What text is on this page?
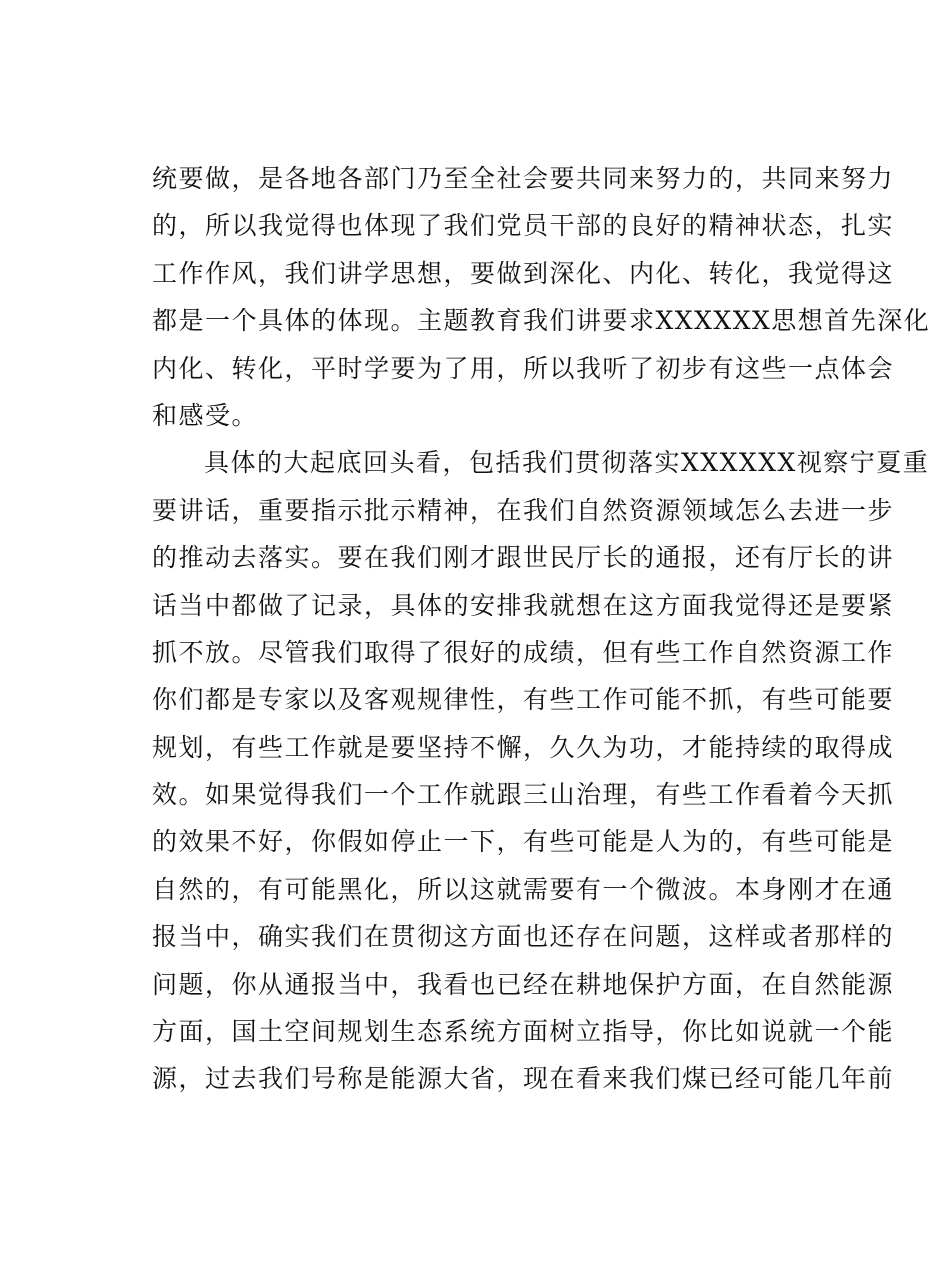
统要做，是各地各部门乃至全社会要共同来努力的，共同来努力
的，所以我觉得也体现了我们党员干部的良好的精神状态，扎实
工作作风，我们讲学思想，要做到深化、内化、转化，我觉得这
都是一个具体的体现。主题教育我们讲要求XXXXXX思想首先深化
内化、转化，平时学要为了用，所以我听了初步有这些一点体会
和感受。
具体的大起底回头看，包括我们贯彻落实XXXXXX视察宁夏重
要讲话，重要指示批示精神，在我们自然资源领域怎么去进一步
的推动去落实。要在我们刚才跟世民厅长的通报，还有厅长的讲
话当中都做了记录，具体的安排我就想在这方面我觉得还是要紧
抓不放。尽管我们取得了很好的成绩，但有些工作自然资源工作
你们都是专家以及客观规律性，有些工作可能不抓，有些可能要
规划，有些工作就是要坚持不懈，久久为功，才能持续的取得成
效。如果觉得我们一个工作就跟三山治理，有些工作看着今天抓
的效果不好，你假如停止一下，有些可能是人为的，有些可能是
自然的，有可能黑化，所以这就需要有一个微波。本身刚才在通
报当中，确实我们在贯彻这方面也还存在问题，这样或者那样的
问题，你从通报当中，我看也已经在耕地保护方面，在自然能源
方面，国土空间规划生态系统方面树立指导，你比如说就一个能
源，过去我们号称是能源大省，现在看来我们煤已经可能几年前
